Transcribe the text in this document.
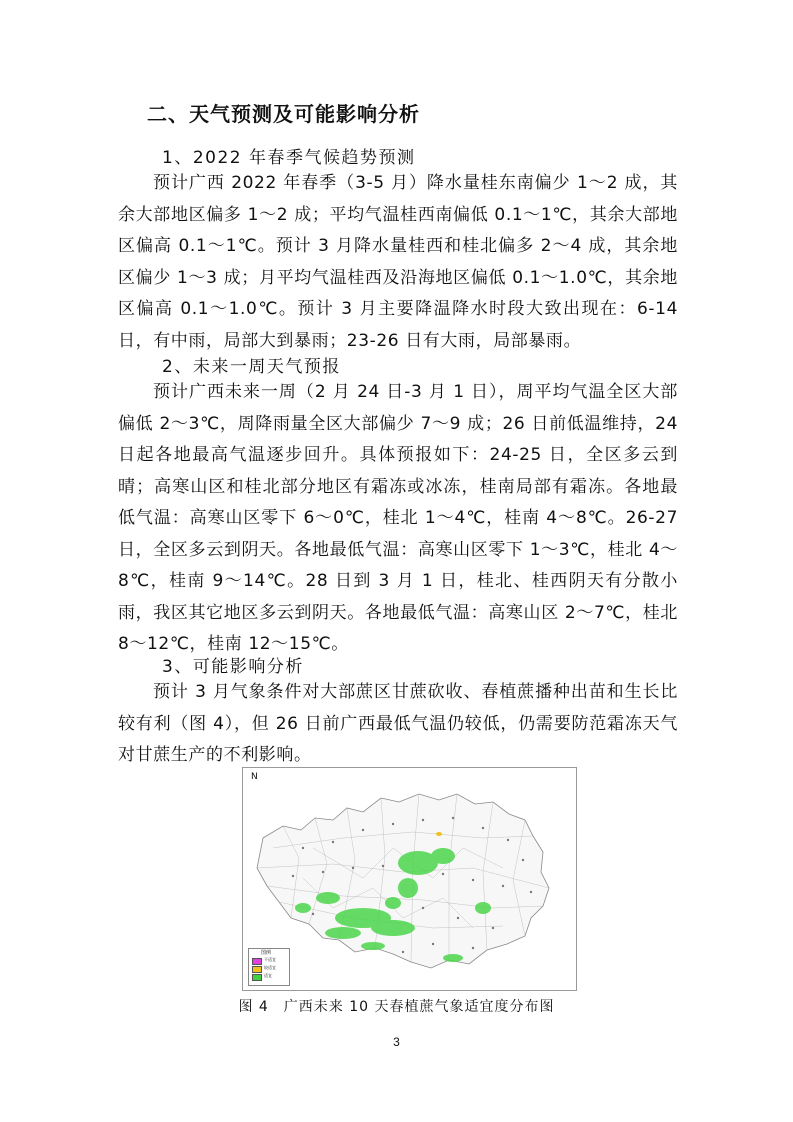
二、天气预测及可能影响分析
1、2022 年春季气候趋势预测

预计广西 2022 年春季（3-5 月）降水量桂东南偏少 1～2 成，其余大部地区偏多 1～2 成；平均气温桂西南偏低 0.1～1℃，其余大部地区偏高 0.1～1℃。预计 3 月降水量桂西和桂北偏多 2～4 成，其余地区偏少 1～3 成；月平均气温桂西及沿海地区偏低 0.1～1.0℃，其余地区偏高 0.1～1.0℃。预计 3 月主要降温降水时段大致出现在：6-14 日，有中雨，局部大到暴雨；23-26 日有大雨，局部暴雨。

2、未来一周天气预报

预计广西未来一周（2 月 24 日-3 月 1 日），周平均气温全区大部偏低 2～3℃，周降雨量全区大部偏少 7～9 成；26 日前低温维持，24 日起各地最高气温逐步回升。具体预报如下：24-25 日，全区多云到晴；高寒山区和桂北部分地区有霜冻或冰冻，桂南局部有霜冻。各地最低气温：高寒山区零下 6～0℃，桂北 1～4℃，桂南 4～8℃。26-27 日，全区多云到阴天。各地最低气温：高寒山区零下 1～3℃，桂北 4～8℃，桂南 9～14℃。28 日到 3 月 1 日，桂北、桂西阴天有分散小雨，我区其它地区多云到阴天。各地最低气温：高寒山区 2～7℃，桂北 8～12℃，桂南 12～15℃。

3、可能影响分析

预计 3 月气象条件对大部蔗区甘蔗砍收、春植蔗播种出苗和生长比较有利（图 4），但 26 日前广西最低气温仍较低，仍需要防范霜冻天气对甘蔗生产的不利影响。

N
图例
不适宜
较适宜
适宜
图 4　广西未来 10 天春植蔗气象适宜度分布图
3
